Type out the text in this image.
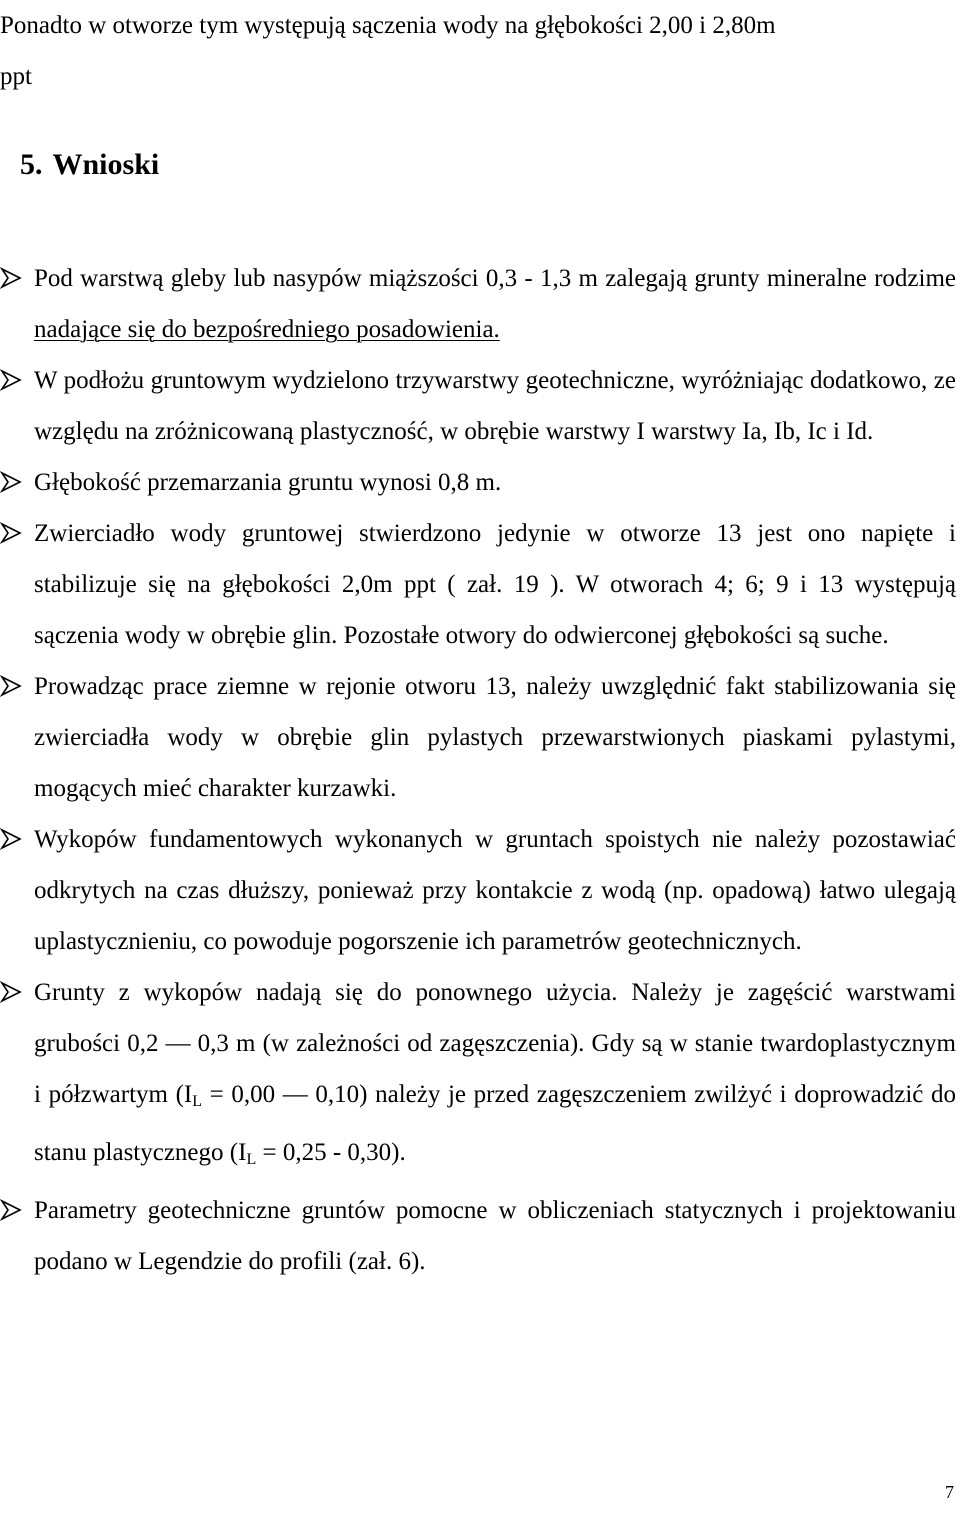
Ponadto w otworze tym występują sączenia wody na głębokości 2,00 i 2,80m
ppt

5. Wnioski
Pod warstwą gleby lub nasypów miąższości 0,3 - 1,3 m zalegają grunty mineralne rodzime nadające się do bezpośredniego posadowienia.
W podłożu gruntowym wydzielono trzywarstwy geotechniczne, wyróżniając dodatkowo, ze względu na zróżnicowaną plastyczność, w obrębie warstwy I warstwy Ia, Ib, Ic i Id.
Głębokość przemarzania gruntu wynosi 0,8 m.
Zwierciadło wody gruntowej stwierdzono jedynie w otworze 13 jest ono napięte i stabilizuje się na głębokości 2,0m ppt ( zał. 19 ). W otworach 4; 6; 9 i 13 występują sączenia wody w obrębie glin. Pozostałe otwory do odwierconej głębokości są suche.
Prowadząc prace ziemne w rejonie otworu 13, należy uwzględnić fakt stabilizowania się zwierciadła wody w obrębie glin pylastych przewarstwionych piaskami pylastymi, mogących mieć charakter kurzawki.
Wykopów fundamentowych wykonanych w gruntach spoistych nie należy pozostawiać odkrytych na czas dłuższy, ponieważ przy kontakcie z wodą (np. opadową) łatwo ulegają uplastycznieniu, co powoduje pogorszenie ich parametrów geotechnicznych.
Grunty z wykopów nadają się do ponownego użycia. Należy je zagęścić warstwami grubości 0,2 — 0,3 m (w zależności od zagęszczenia). Gdy są w stanie twardoplastycznym i półzwartym ($I_L = 0,00$ — 0,10) należy je przed zagęszczeniem zwilżyć i doprowadzić do stanu plastycznego $(I_L = 0,25 - 0,30)$.
Parametry geotechniczne gruntów pomocne w obliczeniach statycznych i projektowaniu podano w Legendzie do profili (zał. 6).
7
